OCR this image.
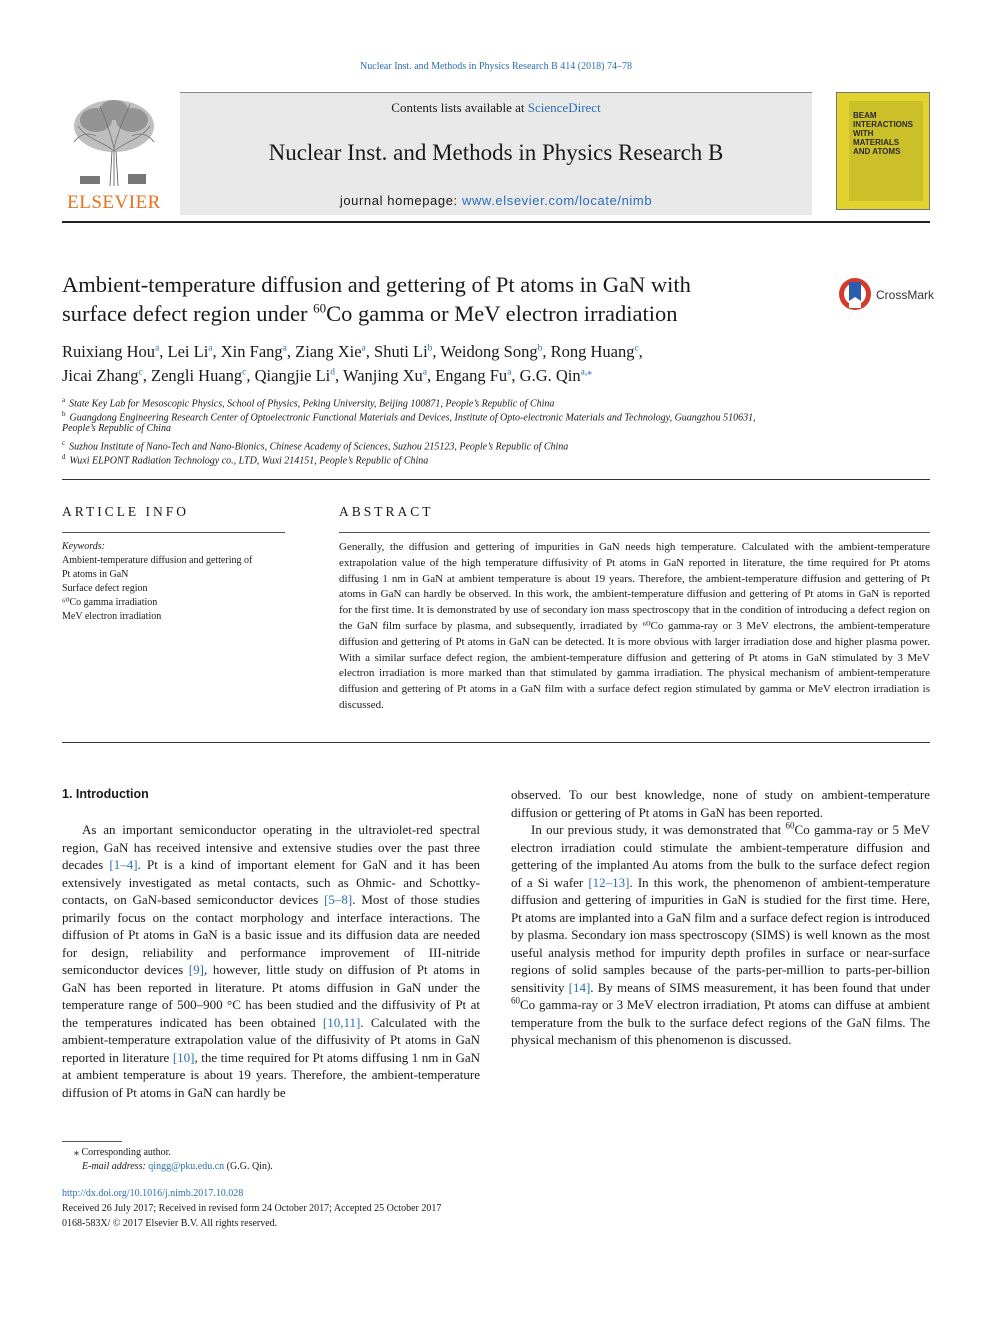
Nuclear Inst. and Methods in Physics Research B 414 (2018) 74–78
ELSEVIER
Contents lists available at ScienceDirect
Nuclear Inst. and Methods in Physics Research B
journal homepage: www.elsevier.com/locate/nimb
BEAM
INTERACTIONS
WITH
MATERIALS
AND ATOMS
Ambient-temperature diffusion and gettering of Pt atoms in GaN with
surface defect region under $^{60}$Co gamma or MeV electron irradiation
CrossMark
Ruixiang Hou$^a$, Lei Li$^a$, Xin Fang$^a$, Ziang Xie$^a$, Shuti Li$^b$, Weidong Song$^b$, Rong Huang$^c$,
Jicai Zhang$^c$, Zengli Huang$^c$, Qiangjie Li$^d$, Wanjing Xu$^a$, Engang Fu$^a$, G.G. Qin$^{a,⁎}$
$^a$ State Key Lab for Mesoscopic Physics, School of Physics, Peking University, Beijing 100871, People’s Republic of China
$^b$ Guangdong Engineering Research Center of Optoelectronic Functional Materials and Devices, Institute of Opto-electronic Materials and Technology, Guangzhou 510631,
People’s Republic of China
$^c$ Suzhou Institute of Nano-Tech and Nano-Bionics, Chinese Academy of Sciences, Suzhou 215123, People’s Republic of China
$^d$ Wuxi ELPONT Radiation Technology co., LTD, Wuxi 214151, People’s Republic of China
ARTICLE INFO
Keywords:
Ambient-temperature diffusion and gettering of
Pt atoms in GaN
Surface defect region
⁶⁰Co gamma irradiation
MeV electron irradiation
ABSTRACT
Generally, the diffusion and gettering of impurities in GaN needs high temperature. Calculated with the ambient-temperature extrapolation value of the high temperature diffusivity of Pt atoms in GaN reported in literature, the time required for Pt atoms diffusing 1 nm in GaN at ambient temperature is about 19 years. Therefore, the ambient-temperature diffusion and gettering of Pt atoms in GaN can hardly be observed. In this work, the ambient-temperature diffusion and gettering of Pt atoms in GaN is reported for the first time. It is demonstrated by use of secondary ion mass spectroscopy that in the condition of introducing a defect region on the GaN film surface by plasma, and subsequently, irradiated by ⁶⁰Co gamma-ray or 3 MeV electrons, the ambient-temperature diffusion and gettering of Pt atoms in GaN can be detected. It is more obvious with larger irradiation dose and higher plasma power. With a similar surface defect region, the ambient-temperature diffusion and gettering of Pt atoms in GaN stimulated by 3 MeV electron irradiation is more marked than that stimulated by gamma irradiation. The physical mechanism of ambient-temperature diffusion and gettering of Pt atoms in a GaN film with a surface defect region stimulated by gamma or MeV electron irradiation is discussed.
1. Introduction

As an important semiconductor operating in the ultraviolet-red spectral region, GaN has received intensive and extensive studies over the past three decades [1–4]. Pt is a kind of important element for GaN and it has been extensively investigated as metal contacts, such as Ohmic- and Schottky-contacts, on GaN-based semiconductor devices [5–8]. Most of those studies primarily focus on the contact morphology and interface interactions. The diffusion of Pt atoms in GaN is a basic issue and its diffusion data are needed for design, reliability and performance improvement of III-nitride semiconductor devices [9], however, little study on diffusion of Pt atoms in GaN has been reported in literature. Pt atoms diffusion in GaN under the temperature range of 500–900 °C has been studied and the diffusivity of Pt at the temperatures indicated has been obtained [10,11]. Calculated with the ambient-temperature extrapolation value of the diffusivity of Pt atoms in GaN reported in literature [10], the time required for Pt atoms diffusing 1 nm in GaN at ambient temperature is about 19 years. Therefore, the ambient-temperature diffusion of Pt atoms in GaN can hardly be

observed. To our best knowledge, none of study on ambient-temperature diffusion or gettering of Pt atoms in GaN has been reported.

In our previous study, it was demonstrated that $^{60}$Co gamma-ray or 5 MeV electron irradiation could stimulate the ambient-temperature diffusion and gettering of the implanted Au atoms from the bulk to the surface defect region of a Si wafer [12–13]. In this work, the phenomenon of ambient-temperature diffusion and gettering of impurities in GaN is studied for the first time. Here, Pt atoms are implanted into a GaN film and a surface defect region is introduced by plasma. Secondary ion mass spectroscopy (SIMS) is well known as the most useful analysis method for impurity depth profiles in surface or near-surface regions of solid samples because of the parts-per-million to parts-per-billion sensitivity [14]. By means of SIMS measurement, it has been found that under $^{60}$Co gamma-ray or 3 MeV electron irradiation, Pt atoms can diffuse at ambient temperature from the bulk to the surface defect regions of the GaN films. The physical mechanism of this phenomenon is discussed.

⁎ Corresponding author.
E-mail address: qingg@pku.edu.cn (G.G. Qin).
http://dx.doi.org/10.1016/j.nimb.2017.10.028
Received 26 July 2017; Received in revised form 24 October 2017; Accepted 25 October 2017
0168-583X/ © 2017 Elsevier B.V. All rights reserved.
